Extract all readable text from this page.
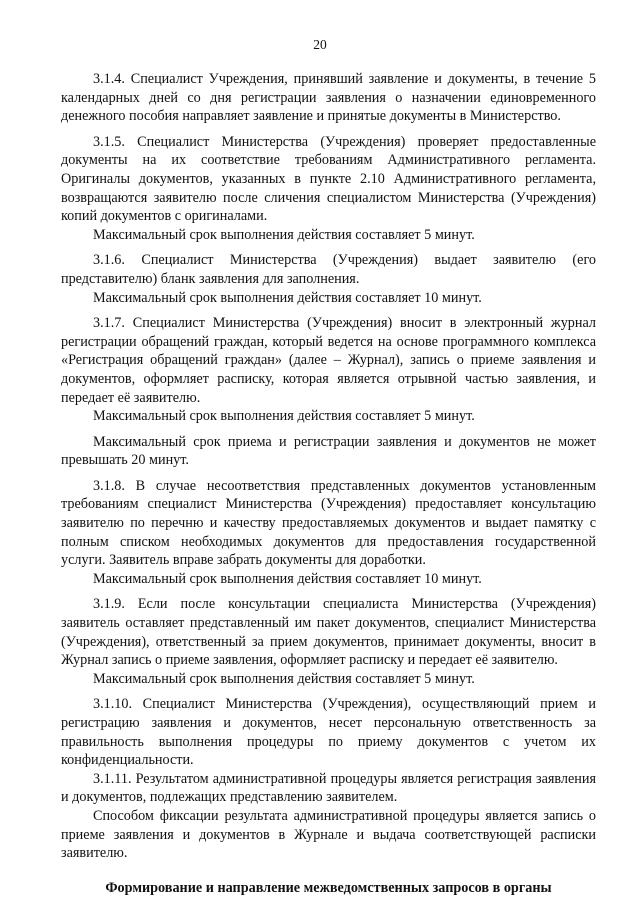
20

3.1.4. Специалист Учреждения, принявший заявление и документы, в течение 5 календарных дней со дня регистрации заявления о назначении единовременного денежного пособия направляет заявление и принятые документы в Министерство.

3.1.5. Специалист Министерства (Учреждения) проверяет предоставленные документы на их соответствие требованиям Административного регламента. Оригиналы документов, указанных в пункте 2.10 Административного регламента, возвращаются заявителю после сличения специалистом Министерства (Учреждения) копий документов с оригиналами.

Максимальный срок выполнения действия составляет 5 минут.

3.1.6. Специалист Министерства (Учреждения) выдает заявителю (его представителю) бланк заявления для заполнения.

Максимальный срок выполнения действия составляет 10 минут.

3.1.7. Специалист Министерства (Учреждения) вносит в электронный журнал регистрации обращений граждан, который ведется на основе программного комплекса «Регистрация обращений граждан» (далее – Журнал), запись о приеме заявления и документов, оформляет расписку, которая является отрывной частью заявления, и передает её заявителю.

Максимальный срок выполнения действия составляет 5 минут.

Максимальный срок приема и регистрации заявления и документов не может превышать 20 минут.

3.1.8. В случае несоответствия представленных документов установленным требованиям специалист Министерства (Учреждения) предоставляет консультацию заявителю по перечню и качеству предоставляемых документов и выдает памятку с полным списком необходимых документов для предоставления государственной услуги. Заявитель вправе забрать документы для доработки.

Максимальный срок выполнения действия составляет 10 минут.

3.1.9. Если после консультации специалиста Министерства (Учреждения) заявитель оставляет представленный им пакет документов, специалист Министерства (Учреждения), ответственный за прием документов, принимает документы, вносит в Журнал запись о приеме заявления, оформляет расписку и передает её заявителю.

Максимальный срок выполнения действия составляет 5 минут.

3.1.10. Специалист Министерства (Учреждения), осуществляющий прием и регистрацию заявления и документов, несет персональную ответственность за правильность выполнения процедуры по приему документов с учетом их конфиденциальности.

3.1.11. Результатом административной процедуры является регистрация заявления и документов, подлежащих представлению заявителем.

Способом фиксации результата административной процедуры является запись о приеме заявления и документов в Журнале и выдача соответствующей расписки заявителю.

Формирование и направление межведомственных запросов в органы
